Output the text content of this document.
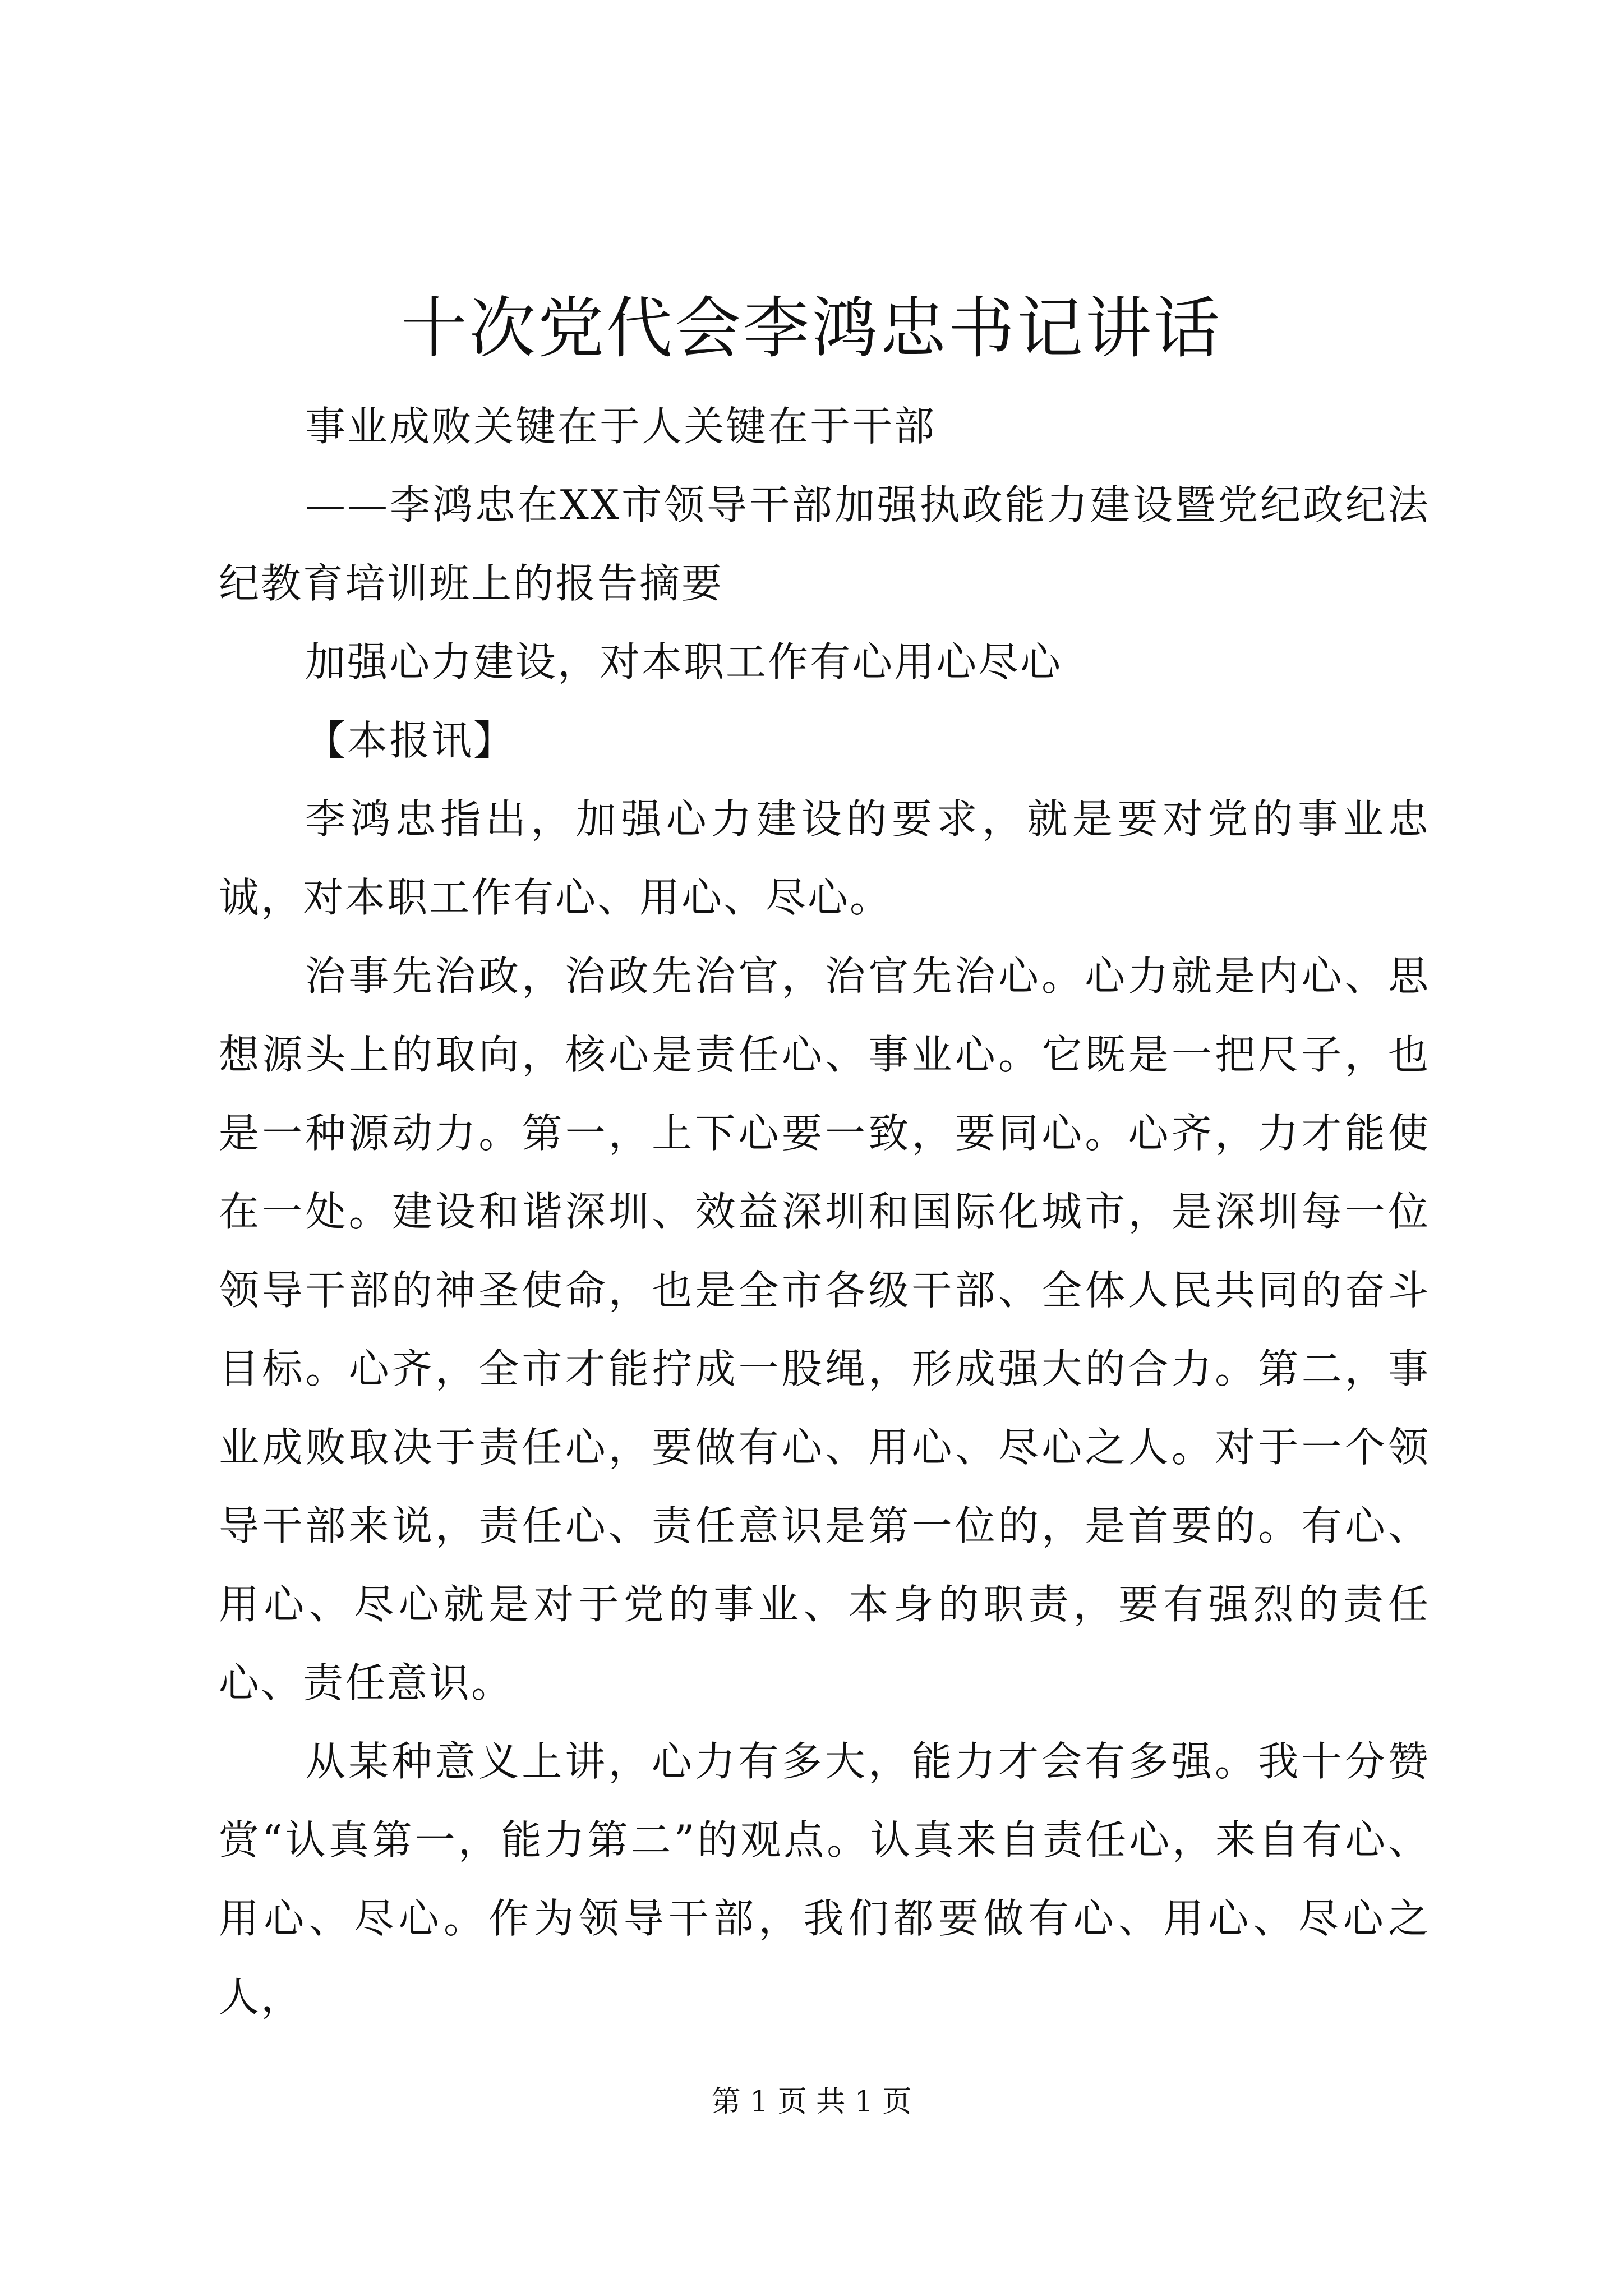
十次党代会李鸿忠书记讲话

事业成败关键在于人关键在于干部

——李鸿忠在XX市领导干部加强执政能力建设暨党纪政纪法纪教育培训班上的报告摘要

加强心力建设，对本职工作有心用心尽心

【本报讯】

李鸿忠指出，加强心力建设的要求，就是要对党的事业忠诚，对本职工作有心、用心、尽心。

治事先治政，治政先治官，治官先治心。心力就是内心、思想源头上的取向，核心是责任心、事业心。它既是一把尺子，也是一种源动力。第一，上下心要一致，要同心。心齐，力才能使在一处。建设和谐深圳、效益深圳和国际化城市，是深圳每一位领导干部的神圣使命，也是全市各级干部、全体人民共同的奋斗目标。心齐，全市才能拧成一股绳，形成强大的合力。第二，事业成败取决于责任心，要做有心、用心、尽心之人。对于一个领导干部来说，责任心、责任意识是第一位的，是首要的。有心、用心、尽心就是对于党的事业、本身的职责，要有强烈的责任心、责任意识。

从某种意义上讲，心力有多大，能力才会有多强。我十分赞赏“认真第一，能力第二”的观点。认真来自责任心，来自有心、用心、尽心。作为领导干部，我们都要做有心、用心、尽心之人，

第 1 页 共 1 页
